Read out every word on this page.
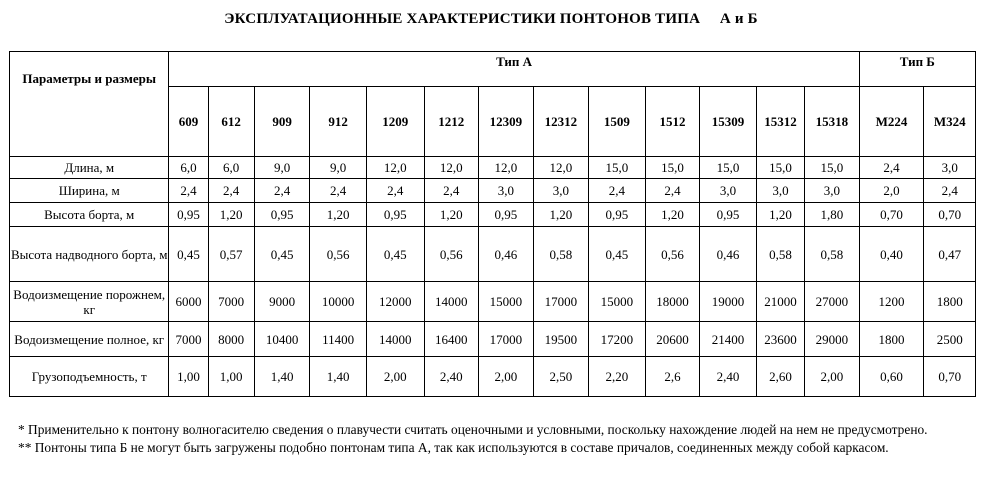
ЭКСПЛУАТАЦИОННЫЕ ХАРАКТЕРИСТИКИ ПОНТОНОВ ТИПА     А и Б
Параметры и размеры	Тип А													Тип Б	
	609	612	909	912	1209	1212	12309	12312	1509	1512	15309	15312	15318	М224	М324
Длина, м	6,0	6,0	9,0	9,0	12,0	12,0	12,0	12,0	15,0	15,0	15,0	15,0	15,0	2,4	3,0
Ширина, м	2,4	2,4	2,4	2,4	2,4	2,4	3,0	3,0	2,4	2,4	3,0	3,0	3,0	2,0	2,4
Высота борта, м	0,95	1,20	0,95	1,20	0,95	1,20	0,95	1,20	0,95	1,20	0,95	1,20	1,80	0,70	0,70
Высота надводного борта, м	0,45	0,57	0,45	0,56	0,45	0,56	0,46	0,58	0,45	0,56	0,46	0,58	0,58	0,40	0,47
Водоизмещение порожнем, кг	6000	7000	9000	10000	12000	14000	15000	17000	15000	18000	19000	21000	27000	1200	1800
Водоизмещение полное, кг	7000	8000	10400	11400	14000	16400	17000	19500	17200	20600	21400	23600	29000	1800	2500
Грузоподъемность, т	1,00	1,00	1,40	1,40	2,00	2,40	2,00	2,50	2,20	2,6	2,40	2,60	2,00	0,60	0,70

* Применительно к понтону волногасителю сведения о плавучести считать оценочными и условными, поскольку нахождение людей на нем не предусмотрено.

** Понтоны типа Б не могут быть загружены подобно понтонам типа А, так как используются в составе причалов, соединенных между собой каркасом.
